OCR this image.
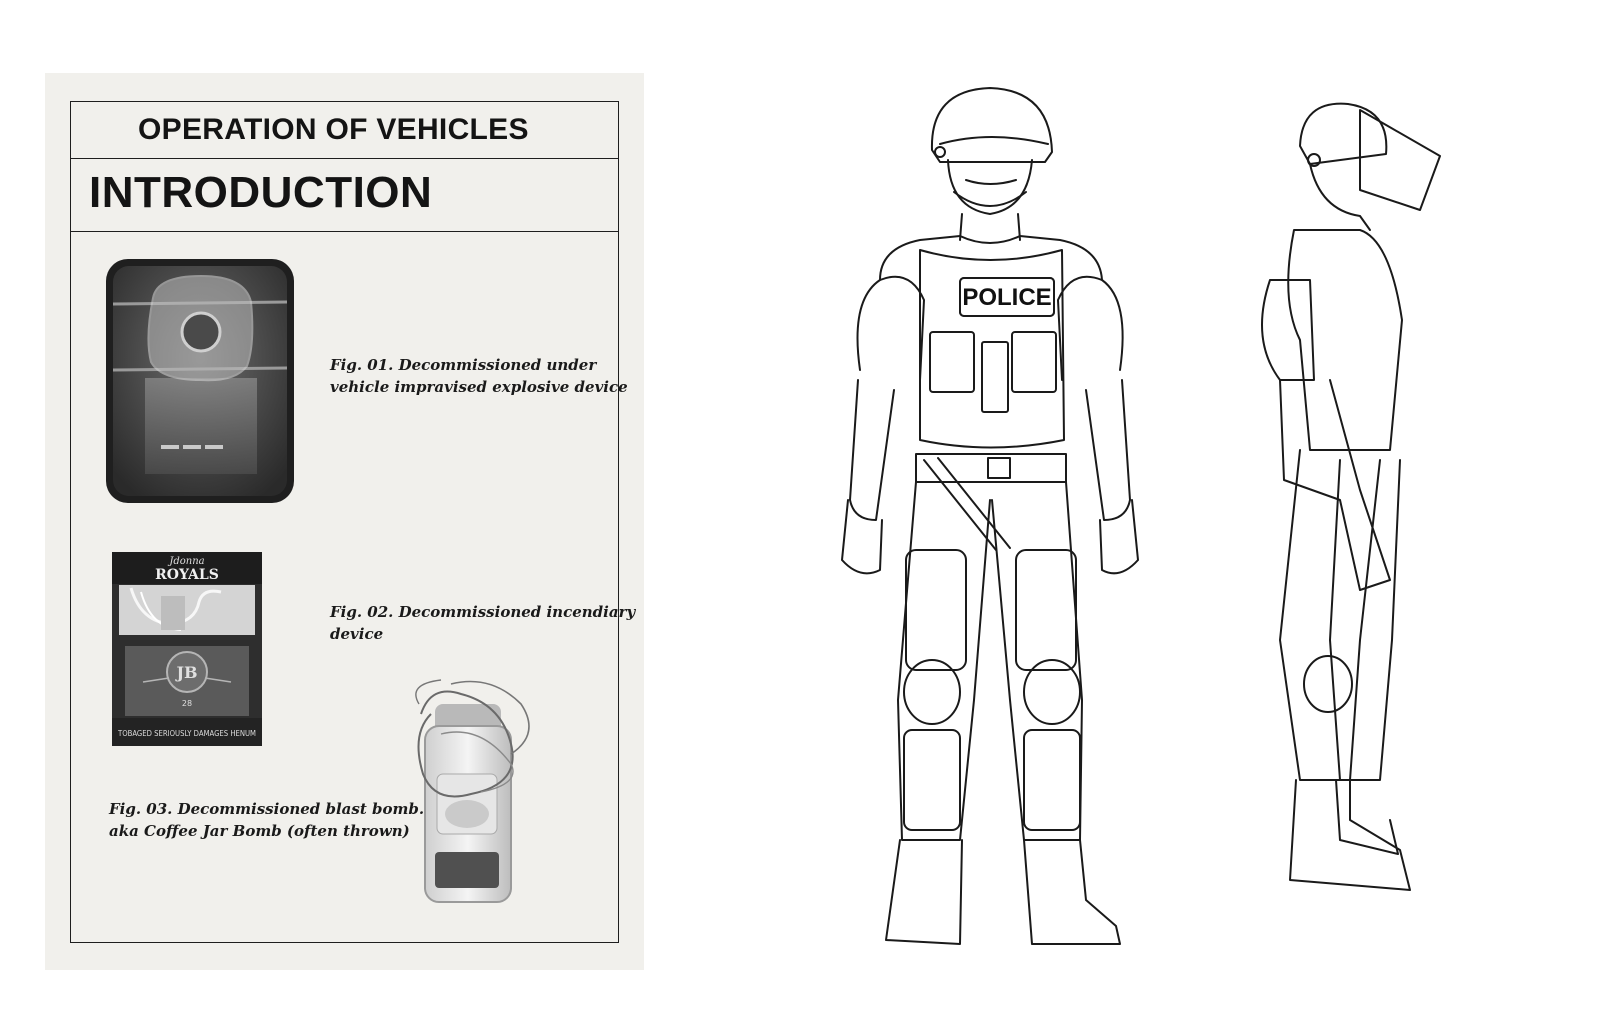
OPERATION OF VEHICLES
INTRODUCTION
Fig. 01. Decommissioned under
vehicle impravised explosive device
Jdonna
ROYALS
JB
28
TOBAGED SERIOUSLY DAMAGES HENUM
Fig. 02. Decommissioned incendiary
device
Fig. 03. Decommissioned blast bomb.
aka Coffee Jar Bomb (often thrown)
POLICE
